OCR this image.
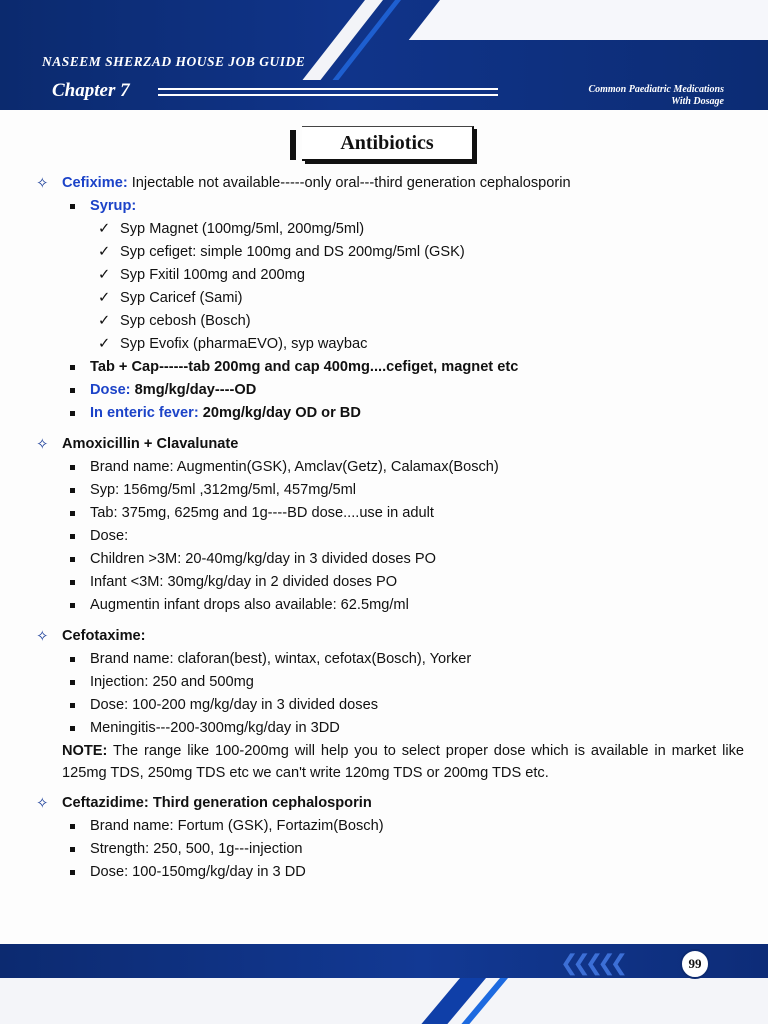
NASEEM SHERZAD HOUSE JOB GUIDE
Chapter 7	Common Paediatric Medications
With Dosage
Antibiotics
✧ Cefixime: Injectable not available-----only oral---third generation cephalosporin
Syrup:
✓ Syp Magnet (100mg/5ml, 200mg/5ml)
✓ Syp cefiget: simple 100mg and DS 200mg/5ml (GSK)
✓ Syp Fxitil 100mg and 200mg
✓ Syp Caricef (Sami)
✓ Syp cebosh (Bosch)
✓ Syp Evofix (pharmaEVO), syp waybac
Tab + Cap------tab 200mg and cap 400mg....cefiget, magnet etc
Dose: 8mg/kg/day----OD
In enteric fever: 20mg/kg/day OD or BD
✧ Amoxicillin + Clavalunate
Brand name: Augmentin(GSK), Amclav(Getz), Calamax(Bosch)
Syp: 156mg/5ml ,312mg/5ml, 457mg/5ml
Tab: 375mg, 625mg and 1g----BD dose....use in adult
Dose:
Children >3M: 20-40mg/kg/day in 3 divided doses PO
Infant <3M: 30mg/kg/day in 2 divided doses PO
Augmentin infant drops also available: 62.5mg/ml
✧ Cefotaxime:
Brand name: claforan(best), wintax, cefotax(Bosch), Yorker
Injection: 250 and 500mg
Dose: 100-200 mg/kg/day in 3 divided doses
Meningitis---200-300mg/kg/day in 3DD
NOTE: The range like 100-200mg will help you to select proper dose which is available in market like 125mg TDS, 250mg TDS etc we can't write 120mg TDS or 200mg TDS etc.
✧ Ceftazidime: Third generation cephalosporin
Brand name: Fortum (GSK), Fortazim(Bosch)
Strength: 250, 500, 1g---injection
Dose: 100-150mg/kg/day in 3 DD
❮❮❮❮❮	99
